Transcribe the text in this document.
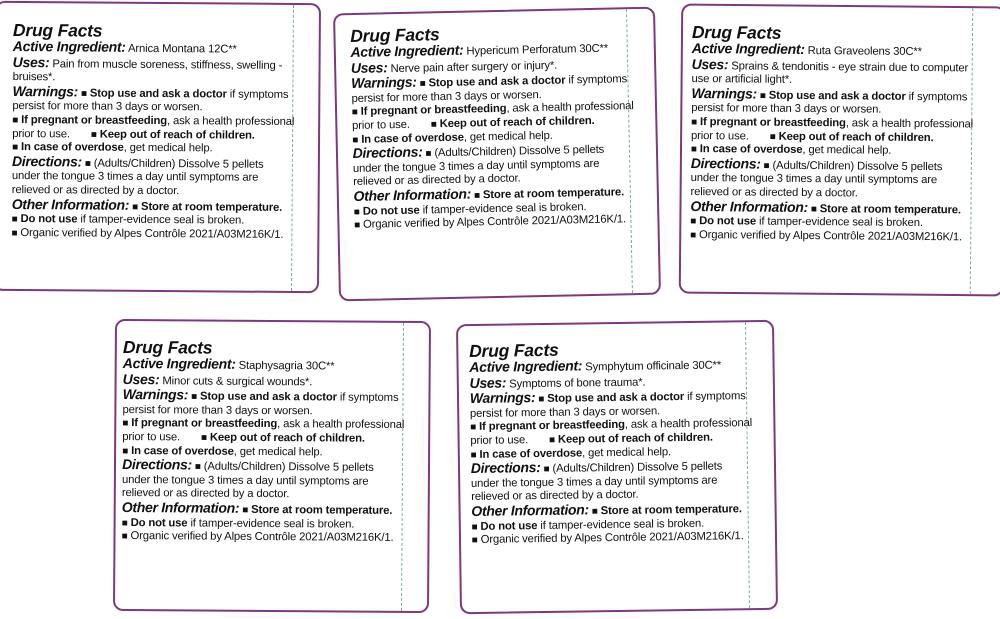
Drug Facts
Active Ingredient: Arnica Montana 12C**
Uses: Pain from muscle soreness, stiffness, swelling -
bruises*.
Warnings: ■ Stop use and ask a doctor if symptoms
persist for more than 3 days or worsen.
■ If pregnant or breastfeeding, ask a health professional
prior to use. ■ Keep out of reach of children.
■ In case of overdose, get medical help.
Directions: ■ (Adults/Children) Dissolve 5 pellets
under the tongue 3 times a day until symptoms are
relieved or as directed by a doctor.
Other Information: ■ Store at room temperature.
■ Do not use if tamper-evidence seal is broken.
■ Organic verified by Alpes Contrôle 2021/A03M216K/1.
Drug Facts
Active Ingredient: Hypericum Perforatum 30C**
Uses: Nerve pain after surgery or injury*.
Warnings: ■ Stop use and ask a doctor if symptoms
persist for more than 3 days or worsen.
■ If pregnant or breastfeeding, ask a health professional
prior to use. ■ Keep out of reach of children.
■ In case of overdose, get medical help.
Directions: ■ (Adults/Children) Dissolve 5 pellets
under the tongue 3 times a day until symptoms are
relieved or as directed by a doctor.
Other Information: ■ Store at room temperature.
■ Do not use if tamper-evidence seal is broken.
■ Organic verified by Alpes Contrôle 2021/A03M216K/1.
Drug Facts
Active Ingredient: Ruta Graveolens 30C**
Uses: Sprains & tendonitis - eye strain due to computer
use or artificial light*.
Warnings: ■ Stop use and ask a doctor if symptoms
persist for more than 3 days or worsen.
■ If pregnant or breastfeeding, ask a health professional
prior to use. ■ Keep out of reach of children.
■ In case of overdose, get medical help.
Directions: ■ (Adults/Children) Dissolve 5 pellets
under the tongue 3 times a day until symptoms are
relieved or as directed by a doctor.
Other Information: ■ Store at room temperature.
■ Do not use if tamper-evidence seal is broken.
■ Organic verified by Alpes Contrôle 2021/A03M216K/1.
Drug Facts
Active Ingredient: Staphysagria 30C**
Uses: Minor cuts & surgical wounds*.
Warnings: ■ Stop use and ask a doctor if symptoms
persist for more than 3 days or worsen.
■ If pregnant or breastfeeding, ask a health professional
prior to use. ■ Keep out of reach of children.
■ In case of overdose, get medical help.
Directions: ■ (Adults/Children) Dissolve 5 pellets
under the tongue 3 times a day until symptoms are
relieved or as directed by a doctor.
Other Information: ■ Store at room temperature.
■ Do not use if tamper-evidence seal is broken.
■ Organic verified by Alpes Contrôle 2021/A03M216K/1.
Drug Facts
Active Ingredient: Symphytum officinale 30C**
Uses: Symptoms of bone trauma*.
Warnings: ■ Stop use and ask a doctor if symptoms
persist for more than 3 days or worsen.
■ If pregnant or breastfeeding, ask a health professional
prior to use. ■ Keep out of reach of children.
■ In case of overdose, get medical help.
Directions: ■ (Adults/Children) Dissolve 5 pellets
under the tongue 3 times a day until symptoms are
relieved or as directed by a doctor.
Other Information: ■ Store at room temperature.
■ Do not use if tamper-evidence seal is broken.
■ Organic verified by Alpes Contrôle 2021/A03M216K/1.
